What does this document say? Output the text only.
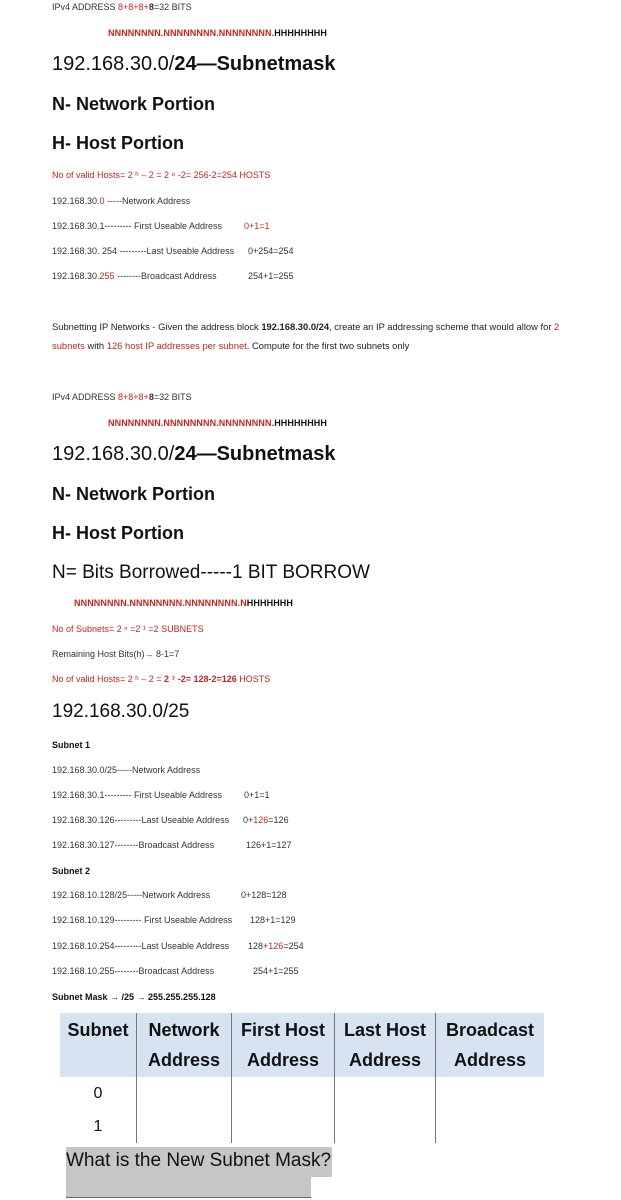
IPv4 ADDRESS 8+8+8+8=32 BITS
NNNNNNNN.NNNNNNNN.NNNNNNNN.HHHHHHHH
192.168.30.0/24—Subnetmask
N- Network Portion
H- Host Portion
No of valid Hosts= 2 ʰ – 2 = 2 ⁸ -2= 256-2=254 HOSTS
192.168.30.0 -----Network Address
192.168.30.1--------- First Useable Address 0+1=1
192.168.30. 254 ---------Last Useable Address 0+254=254
192.168.30.255 --------Broadcast Address	254+1=255
Subnetting IP Networks - Given the address block 192.168.30.0/24, create an IP addressing scheme that would allow for 2
subnets with 126 host IP addresses per subnet. Compute for the first two subnets only
IPv4 ADDRESS 8+8+8+8=32 BITS
NNNNNNNN.NNNNNNNN.NNNNNNNN.HHHHHHHH
192.168.30.0/24—Subnetmask
N- Network Portion
H- Host Portion
N= Bits Borrowed-----1 BIT BORROW
NNNNNNNN.NNNNNNNN.NNNNNNNN.NHHHHHHH
No of Subnets= 2 ⁿ =2 ¹ =2 SUBNETS
Remaining Host Bits(h)→ 8-1=7
No of valid Hosts= 2 ʰ – 2 = 2 ⁷ -2= 128-2=126 HOSTS
192.168.30.0/25
Subnet 1
192.168.30.0/25-----Network Address
192.168.30.1--------- First Useable Address 0+1=1
192.168.30.126---------Last Useable Address 0+126=126
192.168.30.127--------Broadcast Address	126+1=127
Subnet 2
192.168.10.128/25-----Network Address	0+128=128
192.168.10.129--------- First Useable Address 128+1=129
192.168.10.254---------Last Useable Address 128+126=254
192.168.10.255--------Broadcast Address	254+1=255
Subnet Mask → /25 → 255.255.255.128
Subnet	Network Address	First Host Address	Last Host Address	Broadcast Address
0				
1				
What is the New Subnet Mask?
